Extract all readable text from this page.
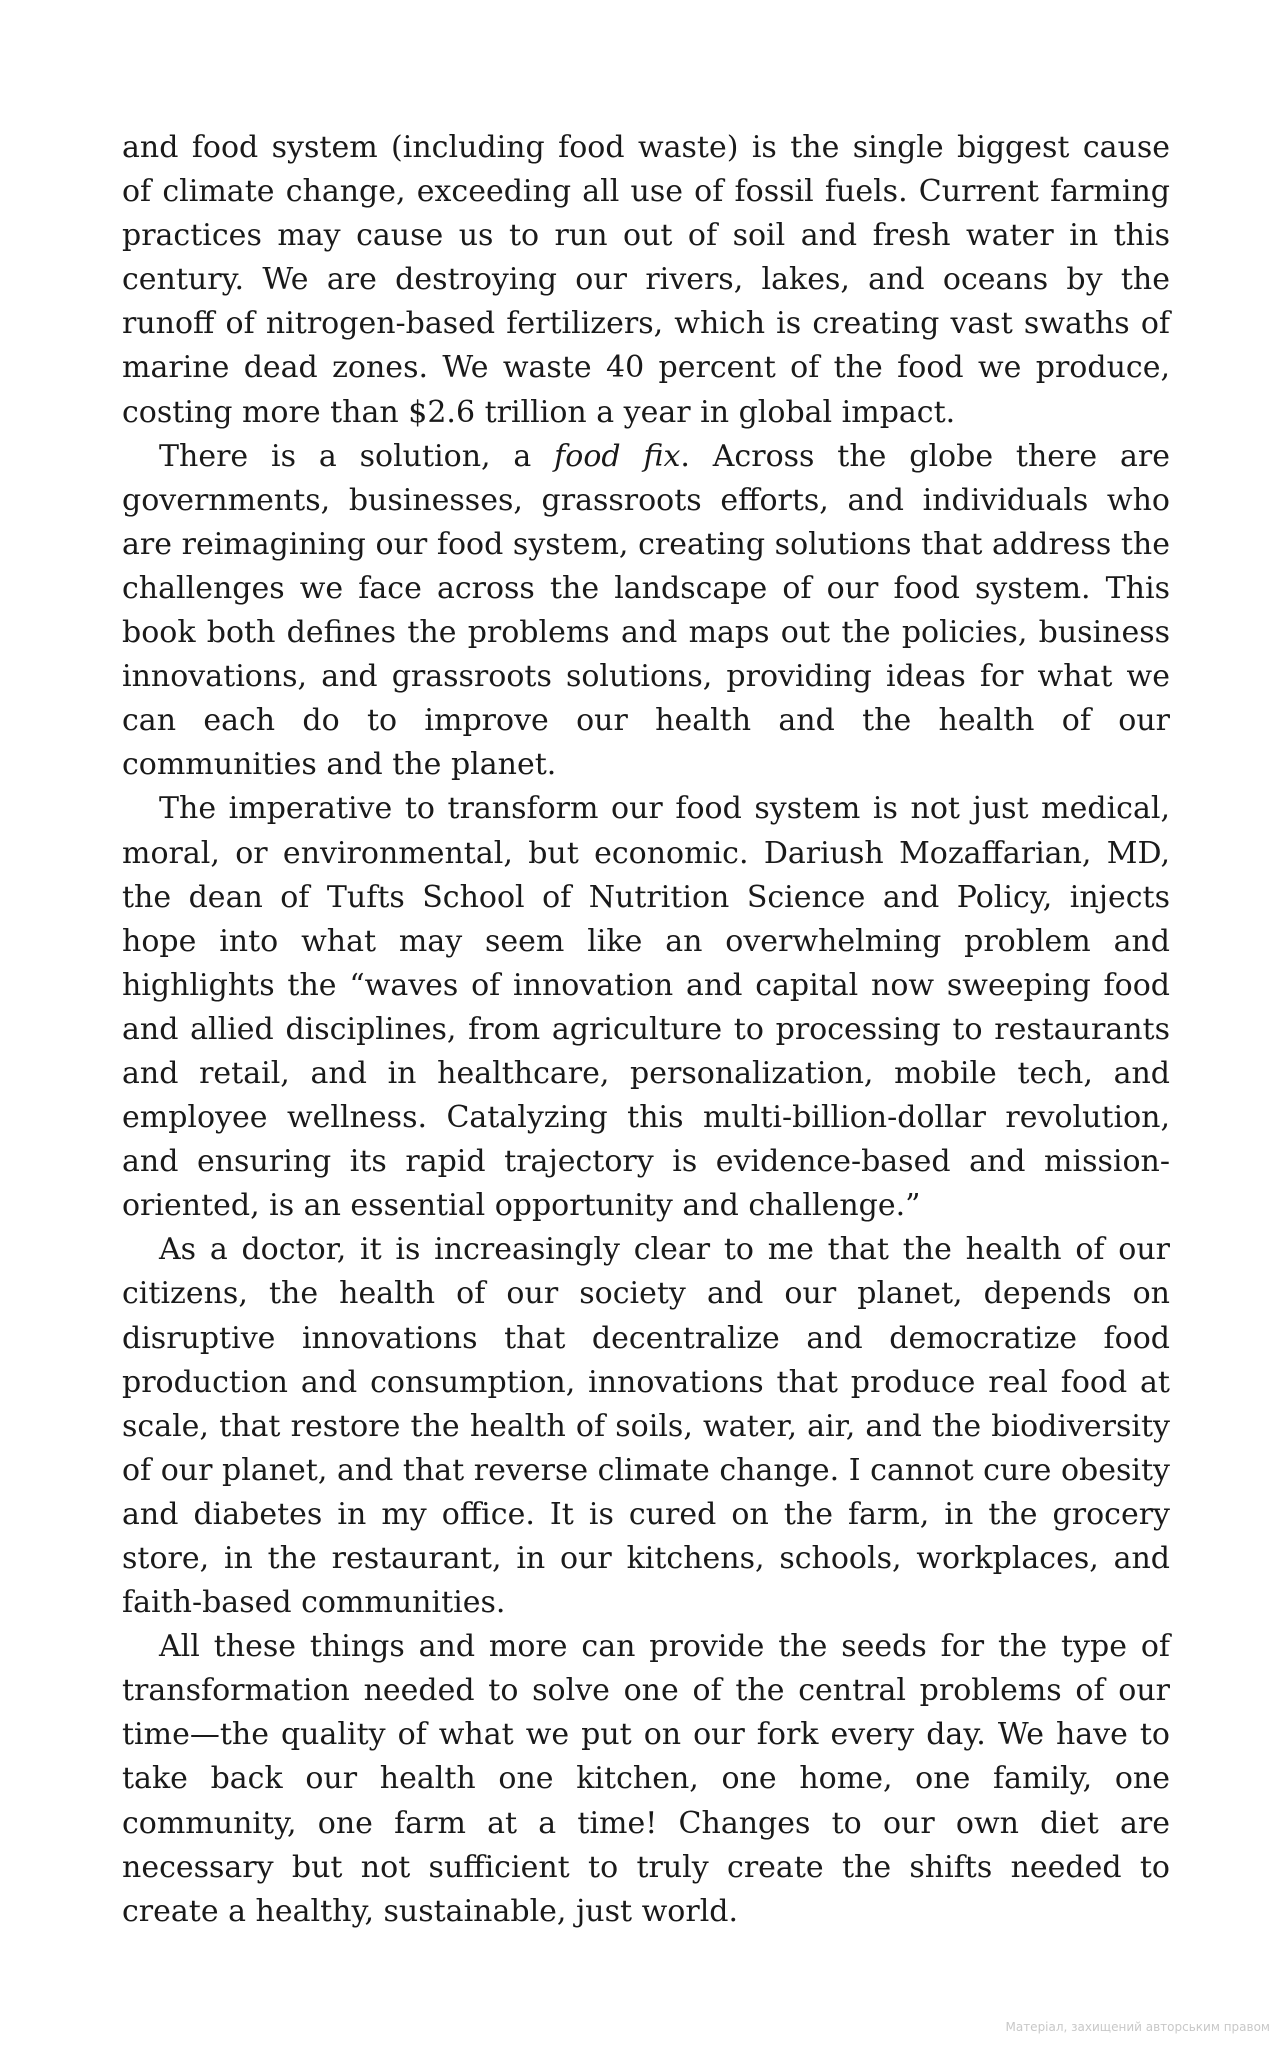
and food system (including food waste) is the single biggest cause of climate change, exceeding all use of fossil fuels. Current farming practices may cause us to run out of soil and fresh water in this century. We are destroying our rivers, lakes, and oceans by the runoff of nitrogen-based fertilizers, which is creating vast swaths of marine dead zones. We waste 40 percent of the food we produce, costing more than $2.6 trillion a year in global impact.

There is a solution, a food fix. Across the globe there are governments, businesses, grassroots efforts, and individuals who are reimagining our food system, creating solutions that address the challenges we face across the landscape of our food system. This book both defines the problems and maps out the policies, business innovations, and grassroots solutions, providing ideas for what we can each do to improve our health and the health of our communities and the planet.

The imperative to transform our food system is not just medical, moral, or environmental, but economic. Dariush Mozaffarian, MD, the dean of Tufts School of Nutrition Science and Policy, injects hope into what may seem like an overwhelming problem and highlights the “waves of innovation and capital now sweeping food and allied disciplines, from agriculture to processing to restaurants and retail, and in healthcare, personalization, mobile tech, and employee wellness. Catalyzing this multi-billion-dollar revolution, and ensuring its rapid trajectory is evidence-based and mission-oriented, is an essential opportunity and challenge.”

As a doctor, it is increasingly clear to me that the health of our citizens, the health of our society and our planet, depends on disruptive innovations that decentralize and democratize food production and consumption, innovations that produce real food at scale, that restore the health of soils, water, air, and the biodiversity of our planet, and that reverse climate change. I cannot cure obesity and diabetes in my office. It is cured on the farm, in the grocery store, in the restaurant, in our kitchens, schools, workplaces, and faith-based communities.

All these things and more can provide the seeds for the type of transformation needed to solve one of the central problems of our time—the quality of what we put on our fork every day. We have to take back our health one kitchen, one home, one family, one community, one farm at a time! Changes to our own diet are necessary but not sufficient to truly create the shifts needed to create a healthy, sustainable, just world.

Матеріал, захищений авторським правом
